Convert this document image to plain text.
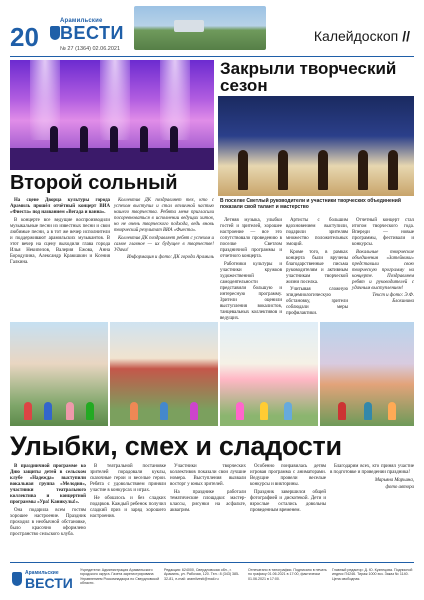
20
Арамильские
ВЕСТИ
№ 27 (1364) 02.06.2021
Калейдоскоп //
Закрыли творческий сезон
Второй сольный

На сцене Дворца культуры города Арамиль прошёл отчётный концерт ВИА «Фиеста» под названием «Вегада и ванна».

В концерте все ведущие воспроизводили музыкальные песни из известных песни и свои любимые песни, а в тот же вечер исполнители и поддерживают арамильских музыкантов. В этот вечер на сцену выходили глава города Илья Некипелов, Валерия Ежова, Анна Бородулина, Александр Краюшкин и Ксения Галкина.

Коллектив ДК поздравляет тех, кто с успехом выступил и стал отличной частью нашего творчества. Ребята меня пригласили посоревноваться в исполнении ведущих хитов, но не очень творческого подхода, ведь вновь творческий результат ВИА «Фиеста».

Коллектив ДК поздравляет ребят с успехом и самое главное — их будущее в творчестве! Удачи!

Информация и фото: ДК города Арамиль

В поселке Светлый руководители и участники творческих объединений показали свой талант и мастерство

Летняя музыка, улыбки гостей и зрителей, хорошее настроение — все это сопутствовало проведению в поселке Светлом праздничной программы и отчетного концерта.

Работники культуры и участники кружков художественной самодеятельности представили большую и интересную программу. Зрители оценили выступления вокалистов, танцевальных коллективов и ведущих.

Артисты с большим вдохновением выступили, подарили зрителям множество положительных эмоций.

Кроме того, в рамках концерта были вручены благодарственные письма руководителям и активным участникам творческой жизни поселка.

Учитывая сложную эпидемиологическую обстановку, зрители соблюдали меры профилактики.

Отчетный концерт стал итогом творческого года. Впереди — новые программы, фестивали и конкурсы.

Вокальные творческие объединения «Затейники» представили свою творческую программу на концерте. Поздравляем ребят и руководителей с удачным выступлением!

Текст и фото: Э.Ф. Блохинина

Улыбки, смех и сладости

В праздничной программе ко Дню защиты детей в сельском клубе «Надежда» выступили вокальная группа «Мелодия», участники театрального коллектива и концертной программы «Ура! Каникулы!».

Она подарила всем гостям хорошее настроение. Праздник проходил в необычной обстановке, было красочно оформлено пространство сельского клуба.

В театральной постановке зрителей порадовали куклы, сказочные герои и веселые герои. Ребята с удовольствием приняли участие в конкурсах и играх.

Не обошлось и без сладких подарков. Каждый ребенок получил сладкий приз и заряд хорошего настроения.

Участники творческих коллективов показали свои лучшие номера. Выступления вызвали восторг у юных зрителей.

На празднике работали тематические площадки: мастер-классы, рисунки на асфальте, аквагрим.

Особенно понравилась детям игровая программа с аниматорами. Ведущие провели веселые конкурсы и викторины.

Праздник завершился общей фотографией и дискотекой. Дети и взрослые остались довольны проведенным временем.

Благодарим всех, кто принял участие в подготовке и проведении праздника!

Марьяна Марьина,

фото автора

Арамильские
ВЕСТИ
Учредители: Администрация Арамильского городского округа. Газета зарегистрирована Управлением Роскомнадзора по Свердловской области.
Редакция: 624000, Свердловская обл., г. Арамиль, ул. Рабочая, 120. Тел.: 8 (343) 385-32-81, e-mail: aramilvesti@mail.ru
Отпечатано в типографии. Подписано в печать по графику 01.06.2021 в 17:00, фактически 01.06.2021 в 17:00.
Главный редактор: Д. Ю. Кузнецова. Подписной индекс П4246. Тираж 1000 экз. Заказ № 1140. Цена свободная.
